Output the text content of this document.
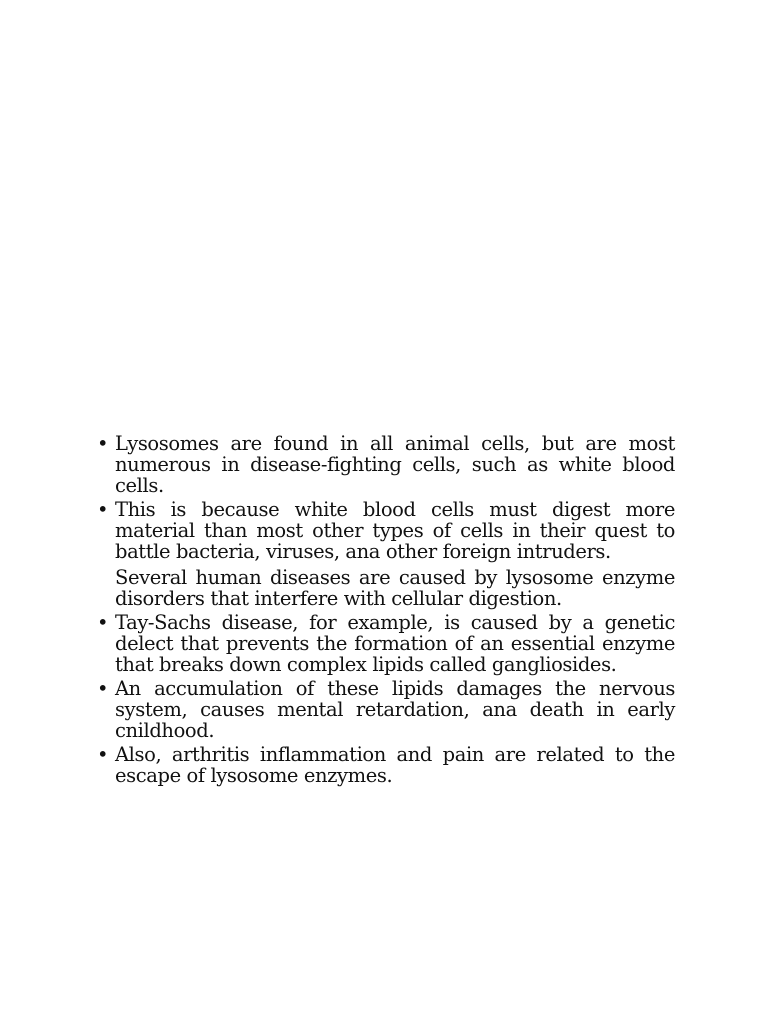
• Lysosomes are found in all animal cells, but are most numerous in disease-fighting cells, such as white blood cells.
• This is because white blood cells must digest more material than most other types of cells in their quest to battle bacteria, viruses, ana other foreign intruders.
Several human diseases are caused by lysosome enzyme disorders that interfere with cellular digestion.
• Tay-Sachs disease, for example, is caused by a genetic delect that prevents the formation of an essential enzyme that breaks down complex lipids called gangliosides.
• An accumulation of these lipids damages the nervous system, causes mental retardation, ana death in early cnildhood.
• Also, arthritis inflammation and pain are related to the escape of lysosome enzymes.
